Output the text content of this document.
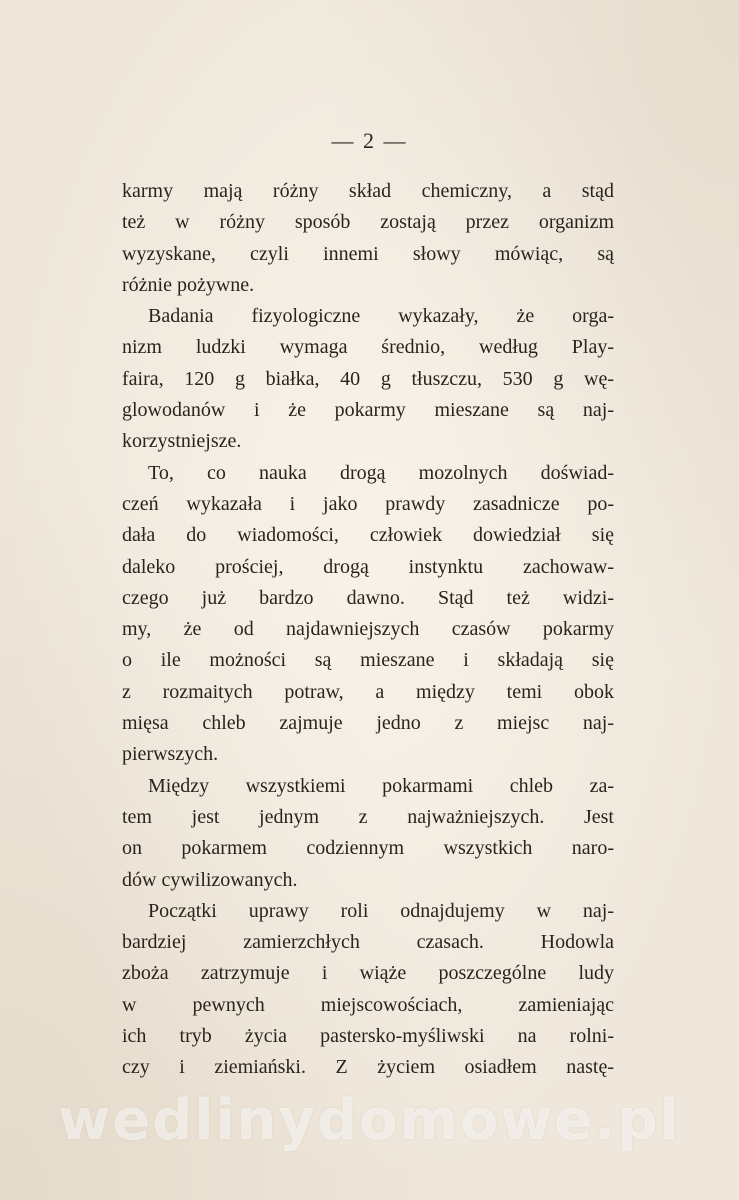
— 2 —
karmy mają różny skład chemiczny, a stąd
też w różny sposób zostają przez organizm
wyzyskane, czyli innemi słowy mówiąc, są
różnie pożywne.
Badania fizyologiczne wykazały, że orga-
nizm ludzki wymaga średnio, według Play-
faira, 120 g białka, 40 g tłuszczu, 530 g wę-
glowodanów i że pokarmy mieszane są naj-
korzystniejsze.
To, co nauka drogą mozolnych doświad-
czeń wykazała i jako prawdy zasadnicze po-
dała do wiadomości, człowiek dowiedział się
daleko prościej, drogą instynktu zachowaw-
czego już bardzo dawno. Stąd też widzi-
my, że od najdawniejszych czasów pokarmy
o ile możności są mieszane i składają się
z rozmaitych potraw, a między temi obok
mięsa chleb zajmuje jedno z miejsc naj-
pierwszych.
Między wszystkiemi pokarmami chleb za-
tem jest jednym z najważniejszych. Jest
on pokarmem codziennym wszystkich naro-
dów cywilizowanych.
Początki uprawy roli odnajdujemy w naj-
bardziej zamierzchłych czasach. Hodowla
zboża zatrzymuje i wiąże poszczególne ludy
w pewnych miejscowościach, zamieniając
ich tryb życia pastersko-myśliwski na rolni-
czy i ziemiański. Z życiem osiadłem nastę-
wedlinydomowe.pl
